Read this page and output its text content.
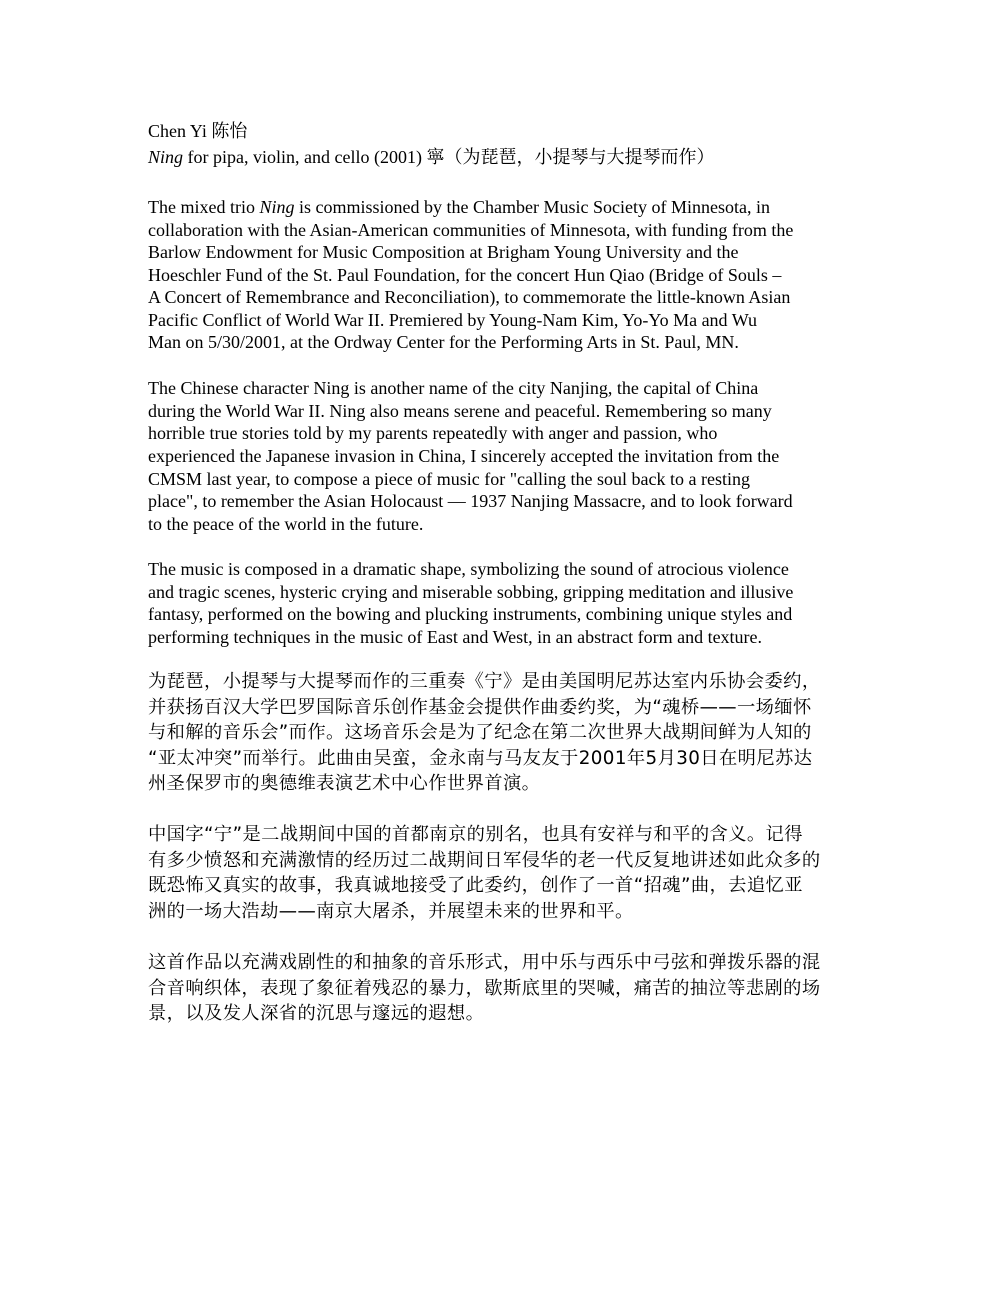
Chen Yi 陈怡
Ning for pipa, violin, and cello (2001) 寧（为琵琶，小提琴与大提琴而作）
The mixed trio Ning is commissioned by the Chamber Music Society of Minnesota, in
collaboration with the Asian-American communities of Minnesota, with funding from the
Barlow Endowment for Music Composition at Brigham Young University and the
Hoeschler Fund of the St. Paul Foundation, for the concert Hun Qiao (Bridge of Souls –
A Concert of Remembrance and Reconciliation), to commemorate the little-known Asian
Pacific Conflict of World War II. Premiered by Young-Nam Kim, Yo-Yo Ma and Wu
Man on 5/30/2001, at the Ordway Center for the Performing Arts in St. Paul, MN.
The Chinese character Ning is another name of the city Nanjing, the capital of China
during the World War II. Ning also means serene and peaceful. Remembering so many
horrible true stories told by my parents repeatedly with anger and passion, who
experienced the Japanese invasion in China, I sincerely accepted the invitation from the
CMSM last year, to compose a piece of music for "calling the soul back to a resting
place", to remember the Asian Holocaust — 1937 Nanjing Massacre, and to look forward
to the peace of the world in the future.
The music is composed in a dramatic shape, symbolizing the sound of atrocious violence
and tragic scenes, hysteric crying and miserable sobbing, gripping meditation and illusive
fantasy, performed on the bowing and plucking instruments, combining unique styles and
performing techniques in the music of East and West, in an abstract form and texture.
为琵琶，小提琴与大提琴而作的三重奏《宁》是由美国明尼苏达室内乐协会委约，
并获扬百汉大学巴罗国际音乐创作基金会提供作曲委约奖，为“魂桥——一场缅怀
与和解的音乐会”而作。这场音乐会是为了纪念在第二次世界大战期间鲜为人知的
“亚太冲突”而举行。此曲由吴蛮，金永南与马友友于2001年5月30日在明尼苏达
州圣保罗市的奥德维表演艺术中心作世界首演。
中国字“宁”是二战期间中国的首都南京的别名，也具有安祥与和平的含义。记得
有多少愤怒和充满激情的经历过二战期间日军侵华的老一代反复地讲述如此众多的
既恐怖又真实的故事，我真诚地接受了此委约，创作了一首“招魂”曲，去追忆亚
洲的一场大浩劫——南京大屠杀，并展望未来的世界和平。
这首作品以充满戏剧性的和抽象的音乐形式，用中乐与西乐中弓弦和弹拨乐器的混
合音响织体，表现了象征着残忍的暴力，歇斯底里的哭喊，痛苦的抽泣等悲剧的场
景，以及发人深省的沉思与邃远的遐想。
